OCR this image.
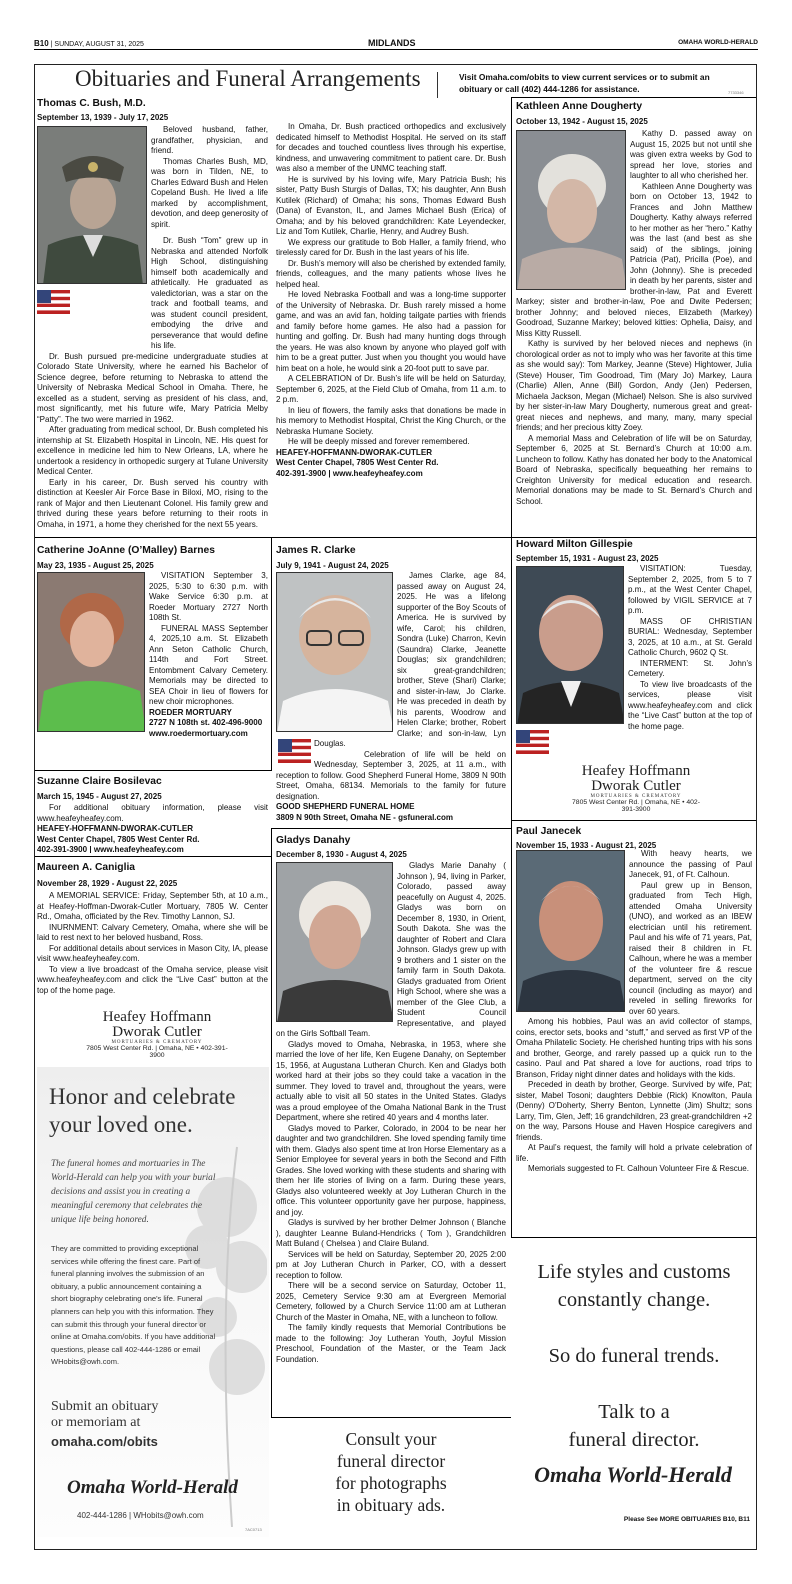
B10 | SUNDAY, AUGUST 31, 2025	MIDLANDS	OMAHA WORLD-HERALD
Obituaries and Funeral Arrangements	Visit Omaha.com/obits to view current services or to submit an obituary or call (402) 444-1286 for assistance.	7733346
Thomas C. Bush, M.D.
September 13, 1939 - July 17, 2025

Beloved husband, father, grandfather, physician, and friend.

Thomas Charles Bush, MD, was born in Tilden, NE, to Charles Edward Bush and Helen Copeland Bush. He lived a life marked by accomplishment, devotion, and deep generosity of spirit.

Dr. Bush “Tom” grew up in Nebraska and attended Norfolk High School, distinguishing himself both academically and athletically. He graduated as valedictorian, was a star on the track and football teams, and was student council president, embodying the drive and perseverance that would define his life.

Dr. Bush pursued pre-medicine undergraduate studies at Colorado State University, where he earned his Bachelor of Science degree, before returning to Nebraska to attend the University of Nebraska Medical School in Omaha. There, he excelled as a student, serving as president of his class, and, most significantly, met his future wife, Mary Patricia Melby “Patty”. The two were married in 1962.

After graduating from medical school, Dr. Bush completed his internship at St. Elizabeth Hospital in Lincoln, NE. His quest for excellence in medicine led him to New Orleans, LA, where he undertook a residency in orthopedic surgery at Tulane University Medical Center.

Early in his career, Dr. Bush served his country with distinction at Keesler Air Force Base in Biloxi, MO, rising to the rank of Major and then Lieutenant Colonel. His family grew and thrived during these years before returning to their roots in Omaha, in 1971, a home they cherished for the next 55 years.

In Omaha, Dr. Bush practiced orthopedics and exclusively dedicated himself to Methodist Hospital. He served on its staff for decades and touched countless lives through his expertise, kindness, and unwavering commitment to patient care. Dr. Bush was also a member of the UNMC teaching staff.

He is survived by his loving wife, Mary Patricia Bush; his sister, Patty Bush Sturgis of Dallas, TX; his daughter, Ann Bush Kutilek (Richard) of Omaha; his sons, Thomas Edward Bush (Dana) of Evanston, IL, and James Michael Bush (Erica) of Omaha; and by his beloved grandchildren: Kate Leyendecker, Liz and Tom Kutilek, Charlie, Henry, and Audrey Bush.

We express our gratitude to Bob Haller, a family friend, who tirelessly cared for Dr. Bush in the last years of his life.

Dr. Bush’s memory will also be cherished by extended family, friends, colleagues, and the many patients whose lives he helped heal.

He loved Nebraska Football and was a long-time supporter of the University of Nebraska. Dr. Bush rarely missed a home game, and was an avid fan, holding tailgate parties with friends and family before home games. He also had a passion for hunting and golfing. Dr. Bush had many hunting dogs through the years. He was also known by anyone who played golf with him to be a great putter. Just when you thought you would have him beat on a hole, he would sink a 20-foot putt to save par.

A CELEBRATION of Dr. Bush’s life will be held on Saturday, September 6, 2025, at the Field Club of Omaha, from 11 a.m. to 2 p.m.

In lieu of flowers, the family asks that donations be made in his memory to Methodist Hospital, Christ the King Church, or the Nebraska Humane Society.

He will be deeply missed and forever remembered.

HEAFEY-HOFFMANN-DWORAK-CUTLER

West Center Chapel, 7805 West Center Rd.

402-391-3900 | www.heafeyheafey.com

Kathleen Anne Dougherty
October 13, 1942 - August 15, 2025

Kathy D. passed away on August 15, 2025 but not until she was given extra weeks by God to spread her love, stories and laughter to all who cherished her.

Kathleen Anne Dougherty was born on October 13, 1942 to Frances and John Matthew Dougherty. Kathy always referred to her mother as her “hero.” Kathy was the last (and best as she said) of the siblings, joining Patricia (Pat), Pricilla (Poe), and John (Johnny). She is preceded in death by her parents, sister and brother-in-law, Pat and Everett Markey; sister and brother-in-law, Poe and Dwite Pedersen; brother Johnny; and beloved nieces, Elizabeth (Markey) Goodroad, Suzanne Markey; beloved kitties: Ophelia, Daisy, and Miss Kitty Russell.

Kathy is survived by her beloved nieces and nephews (in chorological order as not to imply who was her favorite at this time as she would say): Tom Markey, Jeanne (Steve) Hightower, Julia (Steve) Houser, Tim Goodroad, Tim (Mary Jo) Markey, Laura (Charlie) Allen, Anne (Bill) Gordon, Andy (Jen) Pedersen, Michaela Jackson, Megan (Michael) Nelson. She is also survived by her sister-in-law Mary Dougherty, numerous great and great-great nieces and nephews, and many, many, many special friends; and her precious kitty Zoey.

A memorial Mass and Celebration of life will be on Saturday, September 6, 2025 at St. Bernard’s Church at 10:00 a.m. Luncheon to follow. Kathy has donated her body to the Anatomical Board of Nebraska, specifically bequeathing her remains to Creighton University for medical education and research. Memorial donations may be made to St. Bernard’s Church and School.

Catherine JoAnne (O’Malley) Barnes
May 23, 1935 - August 25, 2025

VISITATION September 3, 2025, 5:30 to 6:30 p.m. with Wake Service 6:30 p.m. at Roeder Mortuary 2727 North 108th St.

FUNERAL MASS September 4, 2025,10 a.m. St. Elizabeth Ann Seton Catholic Church, 114th and Fort Street. Entombment Calvary Cemetery. Memorials may be directed to SEA Choir in lieu of flowers for new choir microphones.

ROEDER MORTUARY

2727 N 108th st. 402-496-9000

www.roedermortuary.com

James R. Clarke
July 9, 1941 - August 24, 2025

James Clarke, age 84, passed away on August 24, 2025. He was a lifelong supporter of the Boy Scouts of America. He is survived by wife, Carol; his children, Sondra (Luke) Charron, Kevin (Saundra) Clarke, Jeanette Douglas; six grandchildren; six great-grandchildren; brother, Steve (Shari) Clarke; and sister-in-law, Jo Clarke. He was preceded in death by his parents, Woodrow and Helen Clarke; brother, Robert Clarke; and son-in-law, Lyn Douglas.

Celebration of life will be held on Wednesday, September 3, 2025, at 11 a.m., with reception to follow. Good Shepherd Funeral Home, 3809 N 90th Street, Omaha, 68134. Memorials to the family for future designation.

GOOD SHEPHERD FUNERAL HOME

3809 N 90th Street, Omaha NE - gsfuneral.com

Howard Milton Gillespie
September 15, 1931 - August 23, 2025

VISITATION: Tuesday, September 2, 2025, from 5 to 7 p.m., at the West Center Chapel, followed by VIGIL SERVICE at 7 p.m.

MASS OF CHRISTIAN BURIAL: Wednesday, September 3, 2025, at 10 a.m., at St. Gerald Catholic Church, 9602 Q St.

INTERMENT: St. John’s Cemetery.

To view live broadcasts of the services, please visit www.heafeyheafey.com and click the “Live Cast” button at the top of the home page.

Heafey Hoffmann
Dworak Cutler
MORTUARIES & CREMATORY
7805 West Center Rd. | Omaha, NE • 402-391-3900
Suzanne Claire Bosilevac
March 15, 1945 - August 27, 2025

For additional obituary information, please visit www.heafeyheafey.com.

HEAFEY-HOFFMANN-DWORAK-CUTLER

West Center Chapel, 7805 West Center Rd.

402-391-3900 | www.heafeyheafey.com

Maureen A. Caniglia
November 28, 1929 - August 22, 2025

A MEMORIAL SERVICE: Friday, September 5th, at 10 a.m., at Heafey-Hoffman-Dworak-Cutler Mortuary, 7805 W. Center Rd., Omaha, officiated by the Rev. Timothy Lannon, SJ.

INURNMENT: Calvary Cemetery, Omaha, where she will be laid to rest next to her beloved husband, Ross.

For additional details about services in Mason City, IA, please visit www.heafeyheafey.com.

To view a live broadcast of the Omaha service, please visit www.heafeyheafey.com and click the “Live Cast” button at the top of the home page.

Heafey Hoffmann
Dworak Cutler
MORTUARIES & CREMATORY
7805 West Center Rd. | Omaha, NE • 402-391-3900
Honor and celebrate
your loved one.
The funeral homes and mortuaries in The World-Herald can help you with your burial decisions and assist you in creating a meaningful ceremony that celebrates the unique life being honored.
They are committed to providing exceptional services while offering the finest care. Part of funeral planning involves the submission of an obituary, a public announcement containing a short biography celebrating one's life. Funeral planners can help you with this information. They can submit this through your funeral director or online at Omaha.com/obits. If you have additional questions, please call 402-444-1286 or email WHobits@owh.com.
Submit an obituary
or memoriam at
omaha.com/obits
Omaha World-Herald
402-444-1286 | WHobits@owh.com
7AC0713
Gladys Danahy
December 8, 1930 - August 4, 2025

Gladys Marie Danahy ( Johnson ), 94, living in Parker, Colorado, passed away peacefully on August 4, 2025. Gladys was born on December 8, 1930, in Orient, South Dakota. She was the daughter of Robert and Clara Johnson. Gladys grew up with 9 brothers and 1 sister on the family farm in South Dakota. Gladys graduated from Orient High School, where she was a member of the Glee Club, a Student Council Representative, and played on the Girls Softball Team.

Gladys moved to Omaha, Nebraska, in 1953, where she married the love of her life, Ken Eugene Danahy, on September 15, 1956, at Augustana Lutheran Church. Ken and Gladys both worked hard at their jobs so they could take a vacation in the summer. They loved to travel and, throughout the years, were actually able to visit all 50 states in the United States. Gladys was a proud employee of the Omaha National Bank in the Trust Department, where she retired 40 years and 4 months later.

Gladys moved to Parker, Colorado, in 2004 to be near her daughter and two grandchildren. She loved spending family time with them. Gladys also spent time at Iron Horse Elementary as a Senior Employee for several years in both the Second and Fifth Grades. She loved working with these students and sharing with them her life stories of living on a farm. During these years, Gladys also volunteered weekly at Joy Lutheran Church in the office. This volunteer opportunity gave her purpose, happiness, and joy.

Gladys is survived by her brother Delmer Johnson ( Blanche ), daughter Leanne Buland-Hendricks ( Tom ), Grandchildren Matt Buland ( Chelsea ) and Claire Buland.

Services will be held on Saturday, September 20, 2025 2:00 pm at Joy Lutheran Church in Parker, CO, with a dessert reception to follow.

There will be a second service on Saturday, October 11, 2025, Cemetery Service 9:30 am at Evergreen Memorial Cemetery, followed by a Church Service 11:00 am at Lutheran Church of the Master in Omaha, NE, with a luncheon to follow.

The family kindly requests that Memorial Contributions be made to the following: Joy Lutheran Youth, Joyful Mission Preschool, Foundation of the Master, or the Team Jack Foundation.

Consult your
funeral director
for photographs
in obituary ads.
Paul Janecek
November 15, 1933 - August 21, 2025

With heavy hearts, we announce the passing of Paul Janecek, 91, of Ft. Calhoun.

Paul grew up in Benson, graduated from Tech High, attended Omaha University (UNO), and worked as an IBEW electrician until his retirement. Paul and his wife of 71 years, Pat, raised their 8 children in Ft. Calhoun, where he was a member of the volunteer fire & rescue department, served on the city council (including as mayor) and reveled in selling fireworks for over 60 years.

Among his hobbies, Paul was an avid collector of stamps, coins, erector sets, books and “stuff,” and served as first VP of the Omaha Philatelic Society. He cherished hunting trips with his sons and brother, George, and rarely passed up a quick run to the casino. Paul and Pat shared a love for auctions, road trips to Branson, Friday night dinner dates and holidays with the kids.

Preceded in death by brother, George. Survived by wife, Pat; sister, Mabel Tosoni; daughters Debbie (Rick) Knowlton, Paula (Denny) O’Doherty, Sherry Benton, Lynnette (Jim) Shultz; sons Larry, Tim, Glen, Jeff; 16 grandchildren, 23 great-grandchildren +2 on the way, Parsons House and Haven Hospice caregivers and friends.

At Paul’s request, the family will hold a private celebration of life.

Memorials suggested to Ft. Calhoun Volunteer Fire & Rescue.

Life styles and customs
constantly change.
So do funeral trends.
Talk to a
funeral director.
Omaha World-Herald
Please See MORE OBITUARIES B10, B11
